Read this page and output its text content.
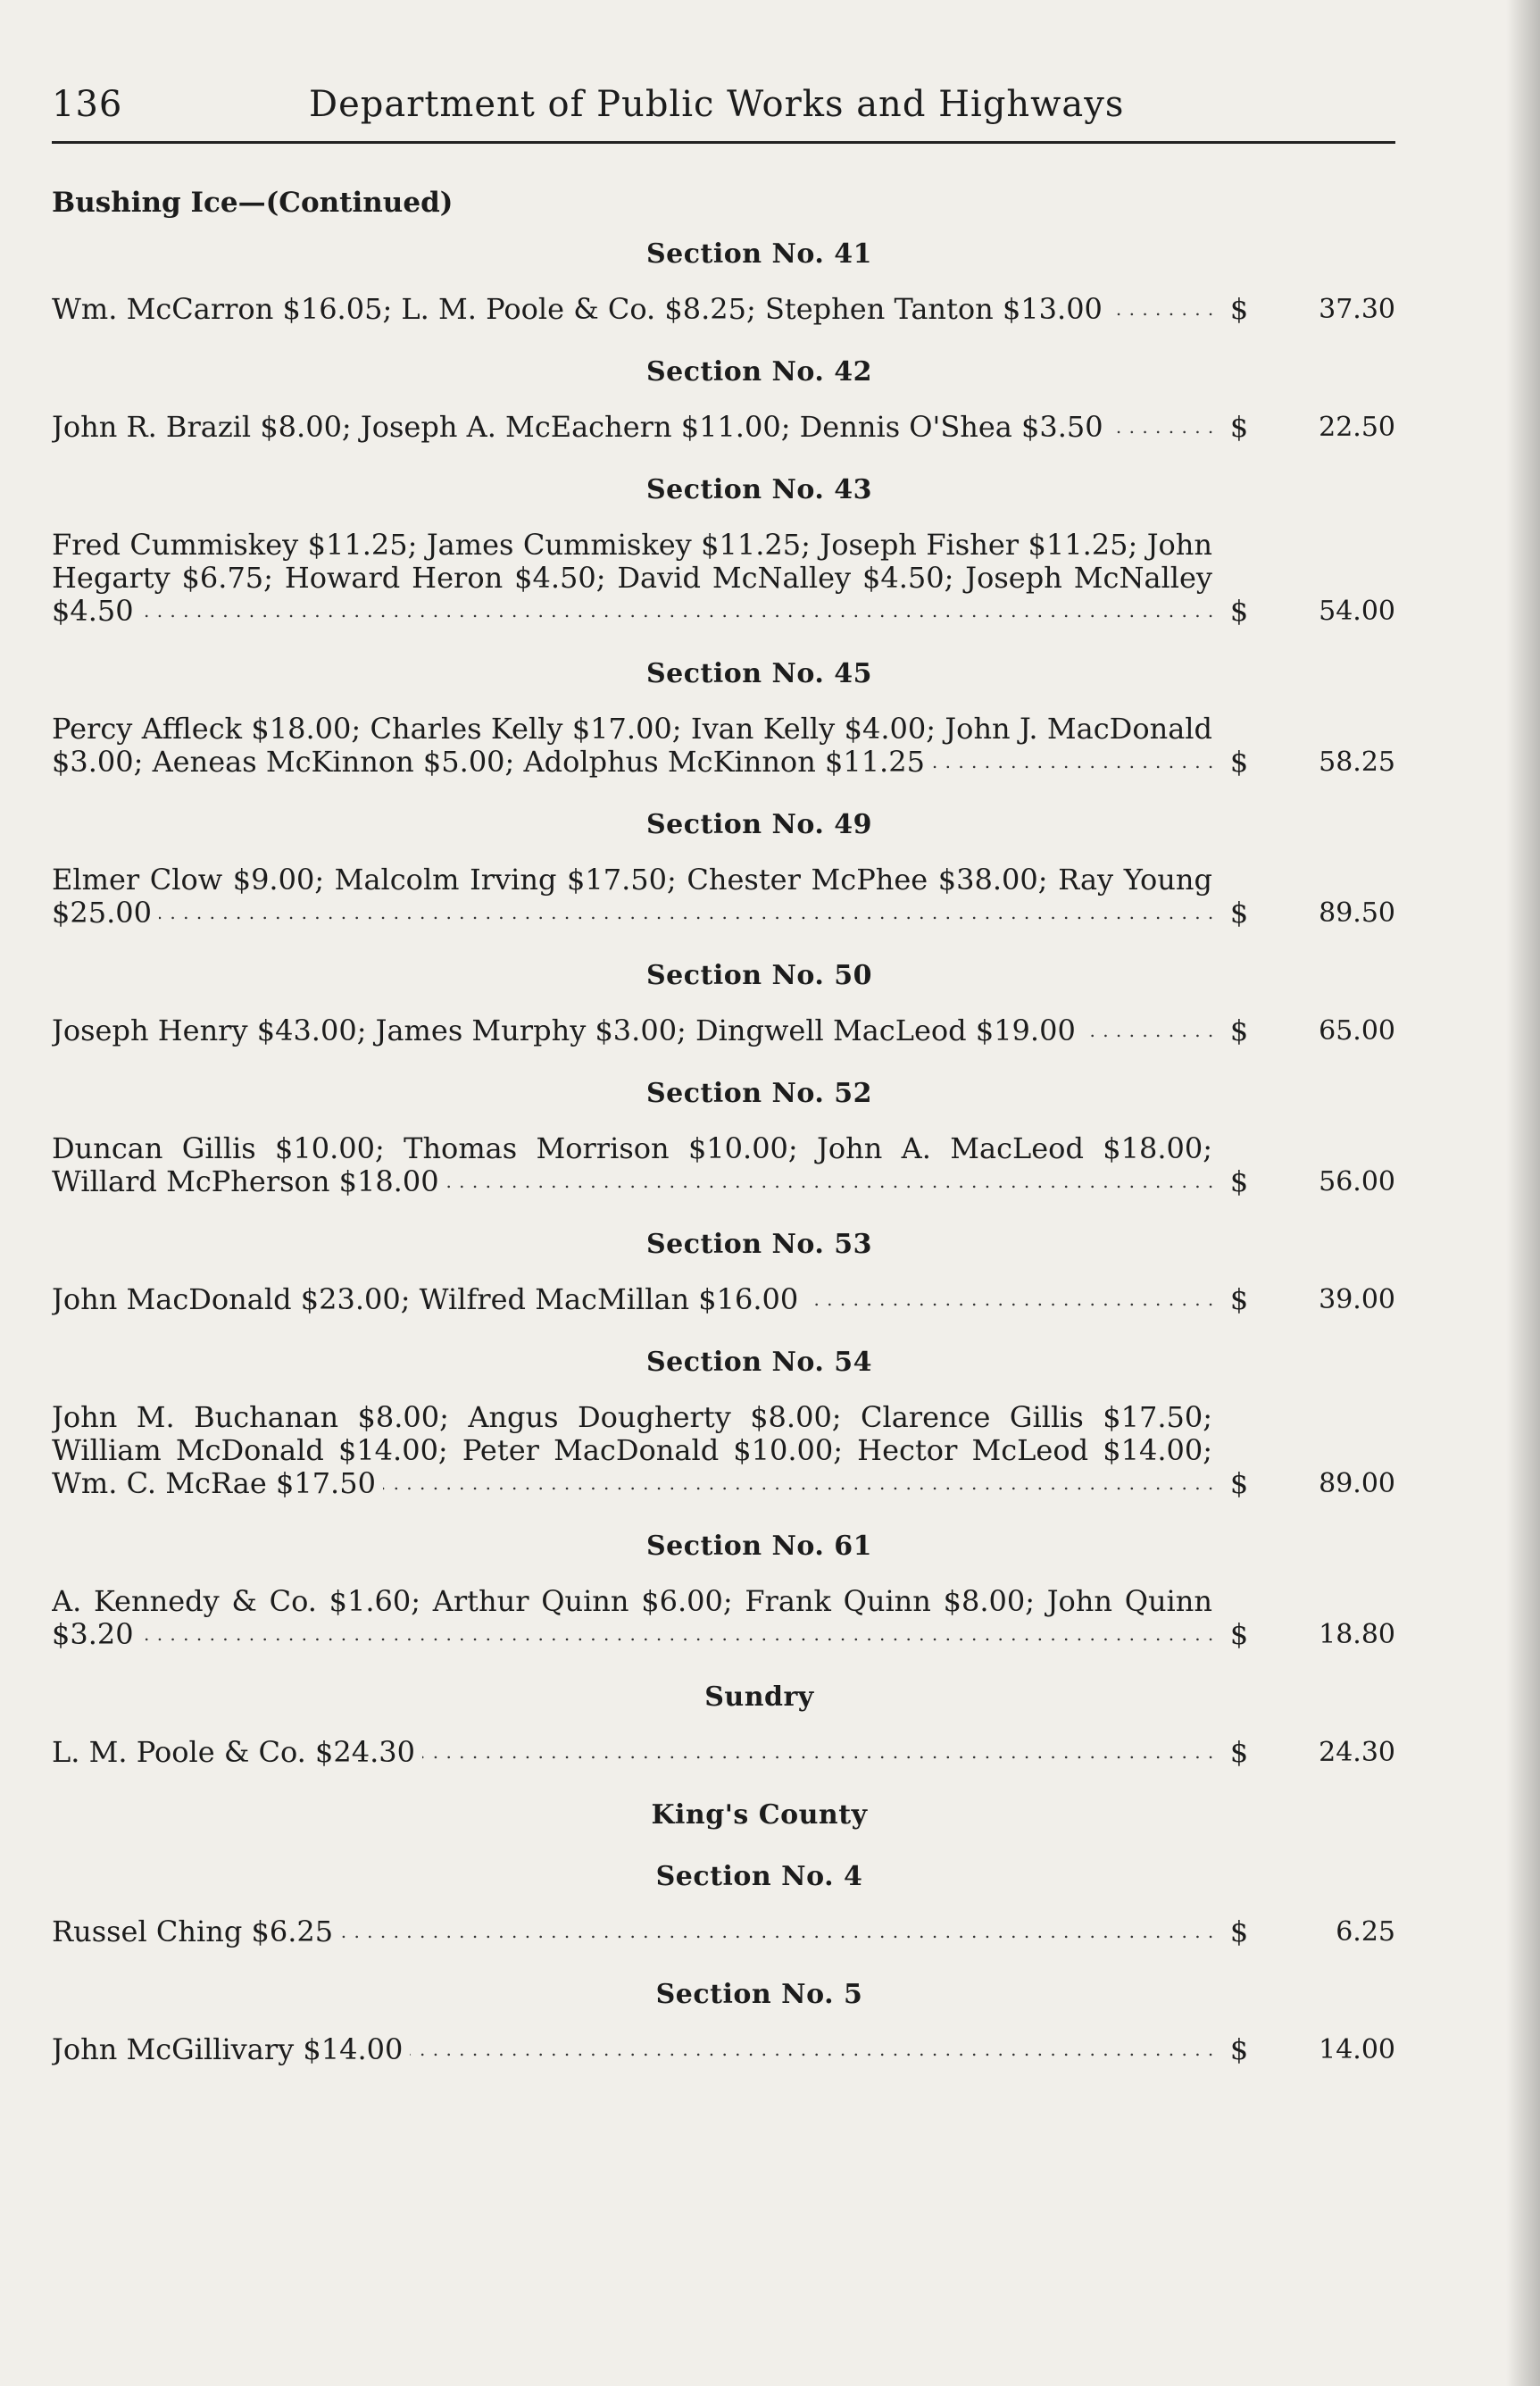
136	Department of Public Works and Highways
Bushing Ice—(Continued)
Section No. 41
Wm. McCarron $16.05; L. M. Poole & Co. $8.25; Stephen Tanton $13.00 . . .	$	37.30
Section No. 42
John R. Brazil $8.00; Joseph A. McEachern $11.00; Dennis O'Shea $3.50 . . .	$	22.50
Section No. 43
Fred Cummiskey $11.25; James Cummiskey $11.25; Joseph Fisher $11.25; John Hegarty $6.75; Howard Heron $4.50; David McNalley $4.50; Joseph McNalley $4.50 . . .	$	54.00
Section No. 45
Percy Affleck $18.00; Charles Kelly $17.00; Ivan Kelly $4.00; John J. MacDonald $3.00; Aeneas McKinnon $5.00; Adolphus McKinnon $11.25 . . .	$	58.25
Section No. 49
Elmer Clow $9.00; Malcolm Irving $17.50; Chester McPhee $38.00; Ray Young $25.00 . . .	$	89.50
Section No. 50
Joseph Henry $43.00; James Murphy $3.00; Dingwell MacLeod $19.00 . . .	$	65.00
Section No. 52
Duncan Gillis $10.00; Thomas Morrison $10.00; John A. MacLeod $18.00; Willard McPherson $18.00 . . .	$	56.00
Section No. 53
John MacDonald $23.00; Wilfred MacMillan $16.00 . . .	$	39.00
Section No. 54
John M. Buchanan $8.00; Angus Dougherty $8.00; Clarence Gillis $17.50; William McDonald $14.00; Peter MacDonald $10.00; Hector McLeod $14.00; Wm. C. McRae $17.50 . . .	$	89.00
Section No. 61
A. Kennedy & Co. $1.60; Arthur Quinn $6.00; Frank Quinn $8.00; John Quinn $3.20 . . .	$	18.80
Sundry
L. M. Poole & Co. $24.30 . . .	$	24.30
King's County
Section No. 4
Russel Ching $6.25 . . .	$	6.25
Section No. 5
John McGillivary $14.00 . . .	$	14.00
